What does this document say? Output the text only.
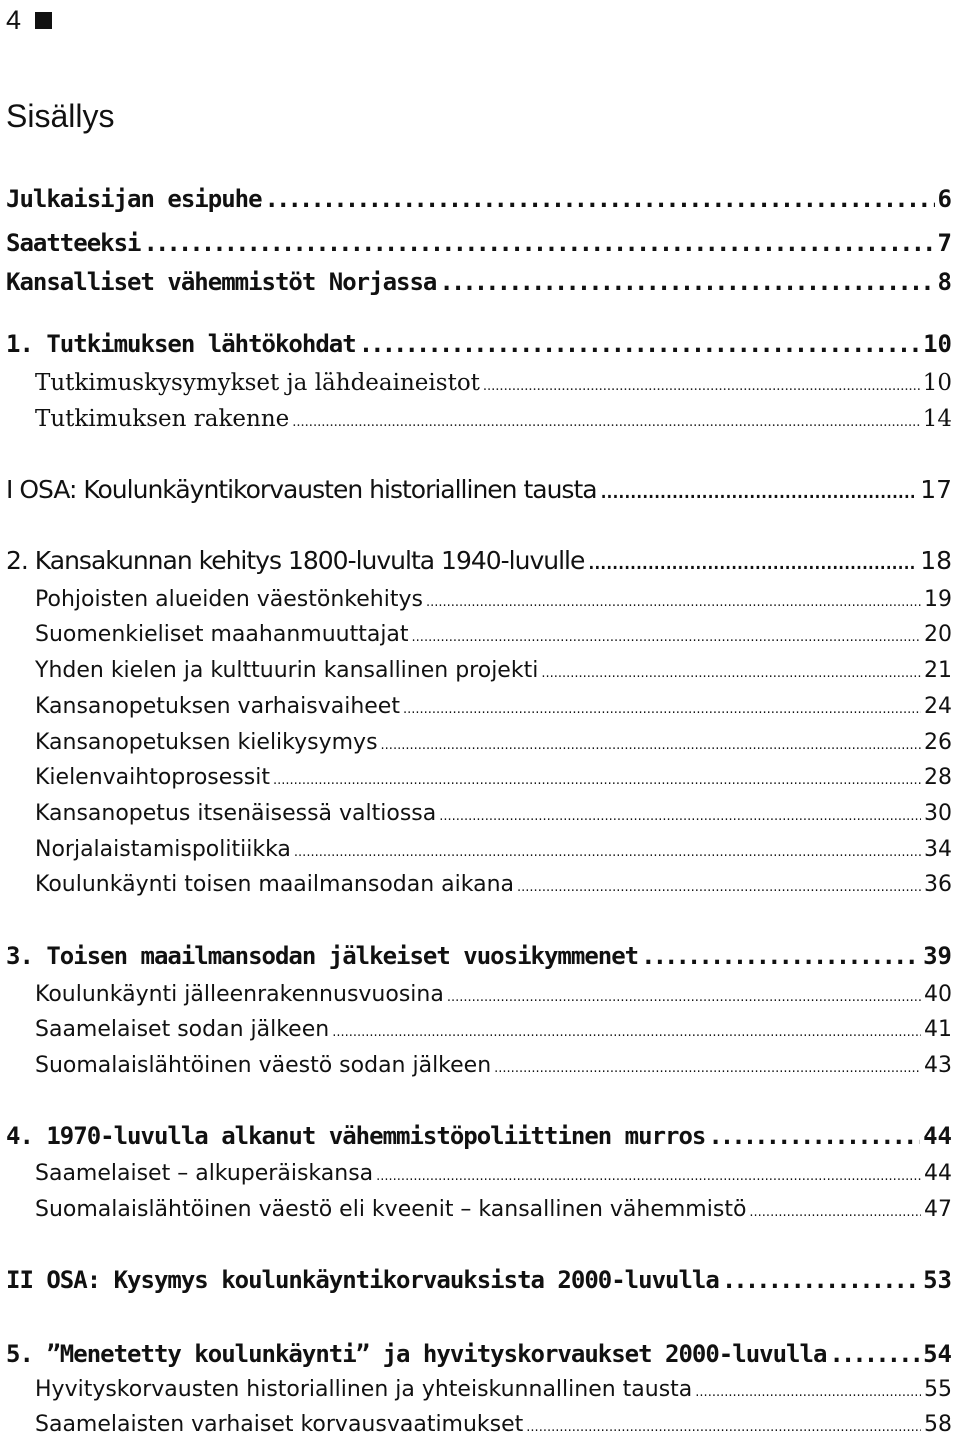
4
Sisällys
Julkaisijan esipuhe .....	6
Saatteeksi .....	7
Kansalliset vähemmistöt Norjassa .....	8
1. Tutkimuksen lähtökohdat .....	10
Tutkimuskysymykset ja lähdeaineistot .....	10
Tutkimuksen rakenne .....	14
I OSA: Koulunkäyntikorvausten historiallinen tausta .....	17
2. Kansakunnan kehitys 1800-luvulta 1940-luvulle .....	18
Pohjoisten alueiden väestönkehitys .....	19
Suomenkieliset maahanmuuttajat .....	20
Yhden kielen ja kulttuurin kansallinen projekti .....	21
Kansanopetuksen varhaisvaiheet .....	24
Kansanopetuksen kielikysymys .....	26
Kielenvaihtoprosessit .....	28
Kansanopetus itsenäisessä valtiossa .....	30
Norjalaistamispolitiikka .....	34
Koulunkäynti toisen maailmansodan aikana .....	36
3. Toisen maailmansodan jälkeiset vuosikymmenet .....	39
Koulunkäynti jälleenrakennusvuosina .....	40
Saamelaiset sodan jälkeen .....	41
Suomalaislähtöinen väestö sodan jälkeen .....	43
4. 1970-luvulla alkanut vähemmistöpoliittinen murros .....	44
Saamelaiset – alkuperäiskansa .....	44
Suomalaislähtöinen väestö eli kveenit – kansallinen vähemmistö .....	47
II OSA: Kysymys koulunkäyntikorvauksista 2000-luvulla .....	53
5. ”Menetetty koulunkäynti” ja hyvityskorvaukset 2000-luvulla .....	54
Hyvityskorvausten historiallinen ja yhteiskunnallinen tausta .....	55
Saamelaisten varhaiset korvausvaatimukset .....	58
